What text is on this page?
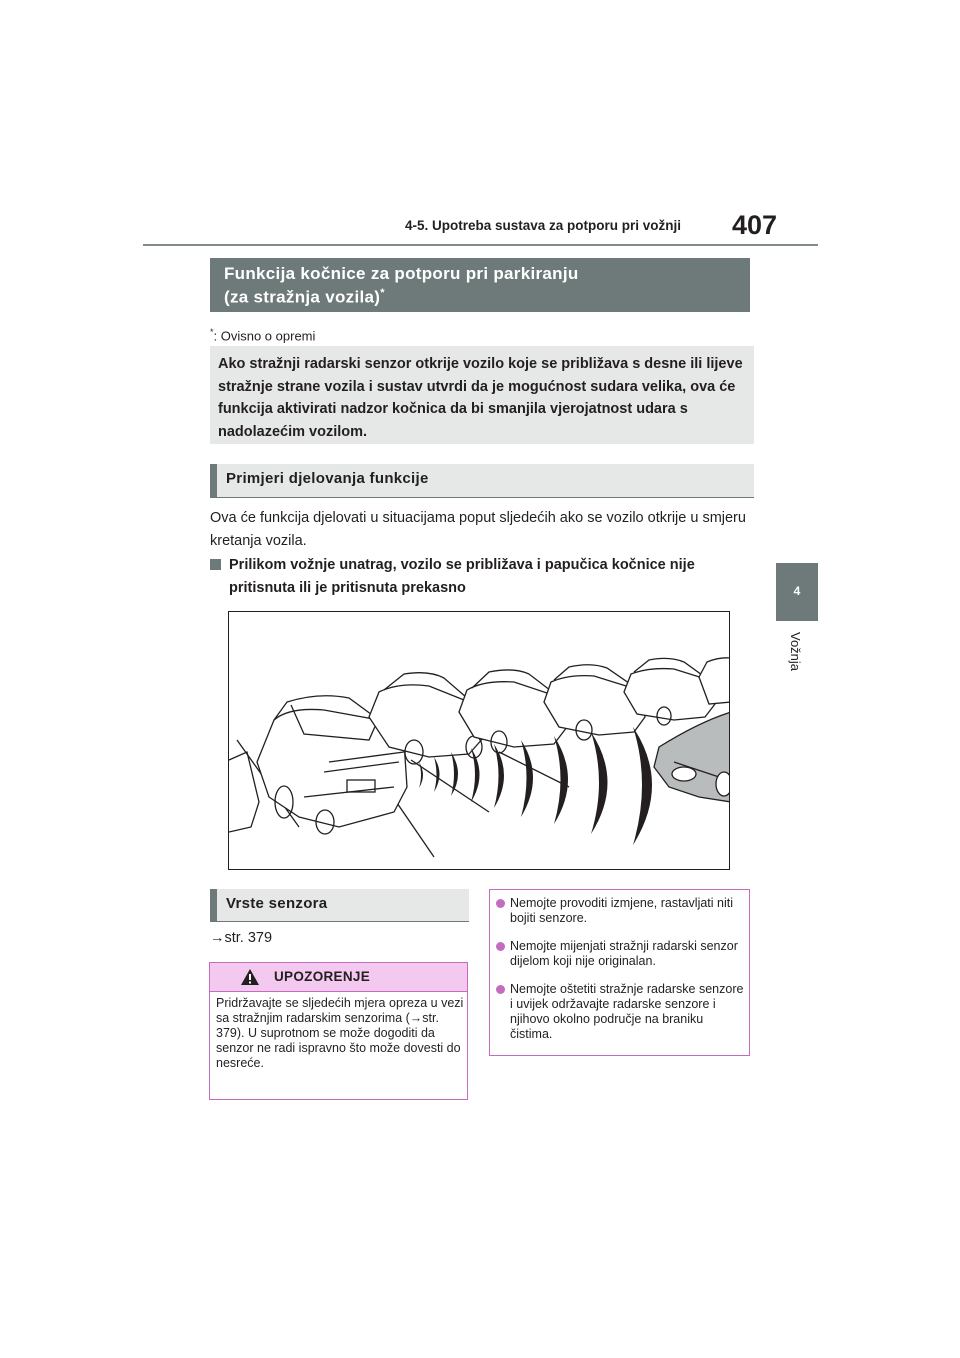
4-5. Upotreba sustava za potporu pri vožnji 407
4
Vožnja
Funkcija kočnice za potporu pri parkiranju
(za stražnja vozila)*
*: Ovisno o opremi
Ako stražnji radarski senzor otkrije vozilo koje se približava s desne ili lijeve stražnje strane vozila i sustav utvrdi da je mogućnost sudara velika, ova će funkcija aktivirati nadzor kočnica da bi smanjila vjerojatnost udara s nadolazećim vozilom.
Primjeri djelovanja funkcije
Ova će funkcija djelovati u situacijama poput sljedećih ako se vozilo otkrije u smjeru kretanja vozila.
Prilikom vožnje unatrag, vozilo se približava i papučica kočnice nije pritisnuta ili je pritisnuta prekasno
Vrste senzora
→str. 379
UPOZORENJE
Pridržavajte se sljedećih mjera opreza u vezi sa stražnjim radarskim senzorima (→str. 379). U suprotnom se može dogoditi da senzor ne radi ispravno što može dovesti do nesreće.
Nemojte provoditi izmjene, rastavljati niti bojiti senzore.
Nemojte mijenjati stražnji radarski senzor dijelom koji nije originalan.
Nemojte oštetiti stražnje radarske senzore i uvijek održavajte radarske senzore i njihovo okolno područje na braniku čistima.
